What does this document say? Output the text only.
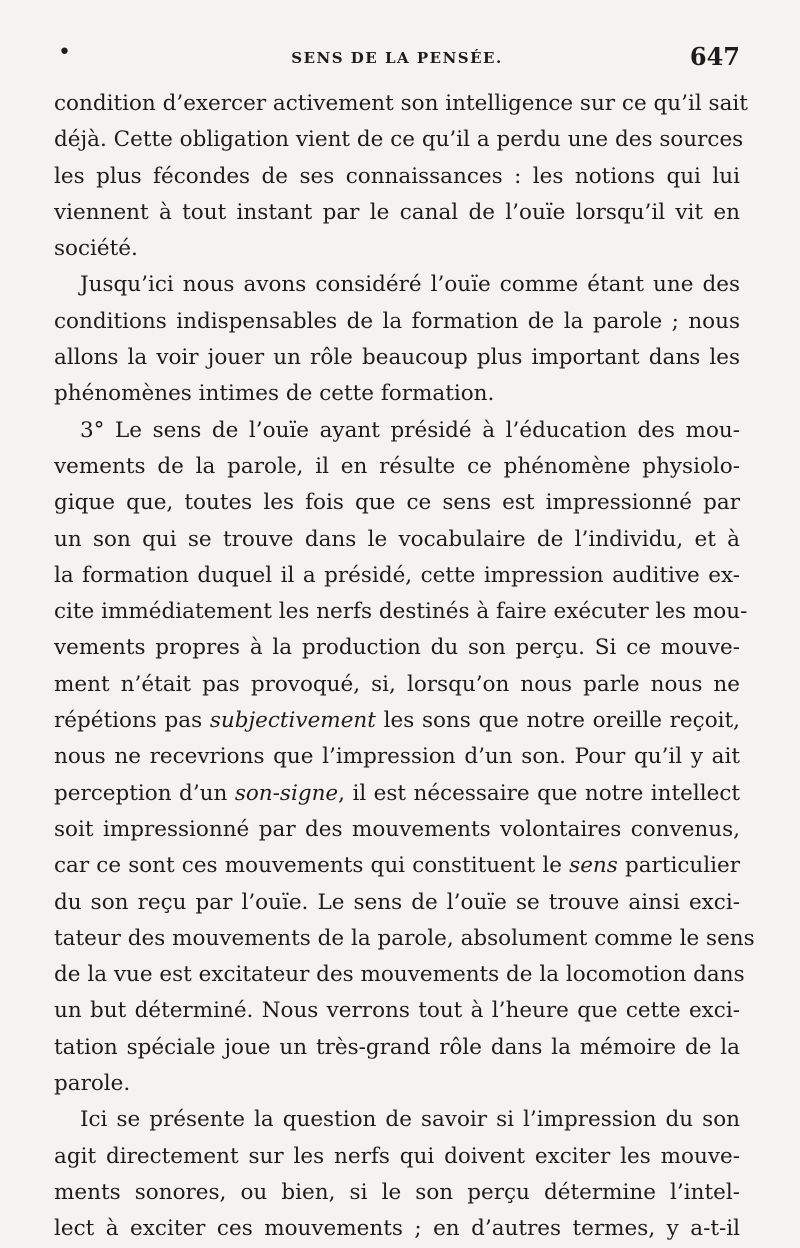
•	SENS DE LA PENSÉE.	647

condition d’exercer activement son intelligence sur ce qu’il sait
déjà. Cette obligation vient de ce qu’il a perdu une des sources
les plus fécondes de ses connaissances : les notions qui lui
viennent à tout instant par le canal de l’ouïe lorsqu’il vit en
société.

Jusqu’ici nous avons considéré l’ouïe comme étant une des
conditions indispensables de la formation de la parole ; nous
allons la voir jouer un rôle beaucoup plus important dans les
phénomènes intimes de cette formation.

3° Le sens de l’ouïe ayant présidé à l’éducation des mou-
vements de la parole, il en résulte ce phénomène physiolo-
gique que, toutes les fois que ce sens est impressionné par
un son qui se trouve dans le vocabulaire de l’individu, et à
la formation duquel il a présidé, cette impression auditive ex-
cite immédiatement les nerfs destinés à faire exécuter les mou-
vements propres à la production du son perçu. Si ce mouve-
ment n’était pas provoqué, si, lorsqu’on nous parle nous ne
répétions pas subjectivement les sons que notre oreille reçoit,
nous ne recevrions que l’impression d’un son. Pour qu’il y ait
perception d’un son-signe, il est nécessaire que notre intellect
soit impressionné par des mouvements volontaires convenus,
car ce sont ces mouvements qui constituent le sens particulier
du son reçu par l’ouïe. Le sens de l’ouïe se trouve ainsi exci-
tateur des mouvements de la parole, absolument comme le sens
de la vue est excitateur des mouvements de la locomotion dans
un but déterminé. Nous verrons tout à l’heure que cette exci-
tation spéciale joue un très-grand rôle dans la mémoire de la
parole.

Ici se présente la question de savoir si l’impression du son
agit directement sur les nerfs qui doivent exciter les mouve-
ments sonores, ou bien, si le son perçu détermine l’intel-
lect à exciter ces mouvements ; en d’autres termes, y a-t-il
